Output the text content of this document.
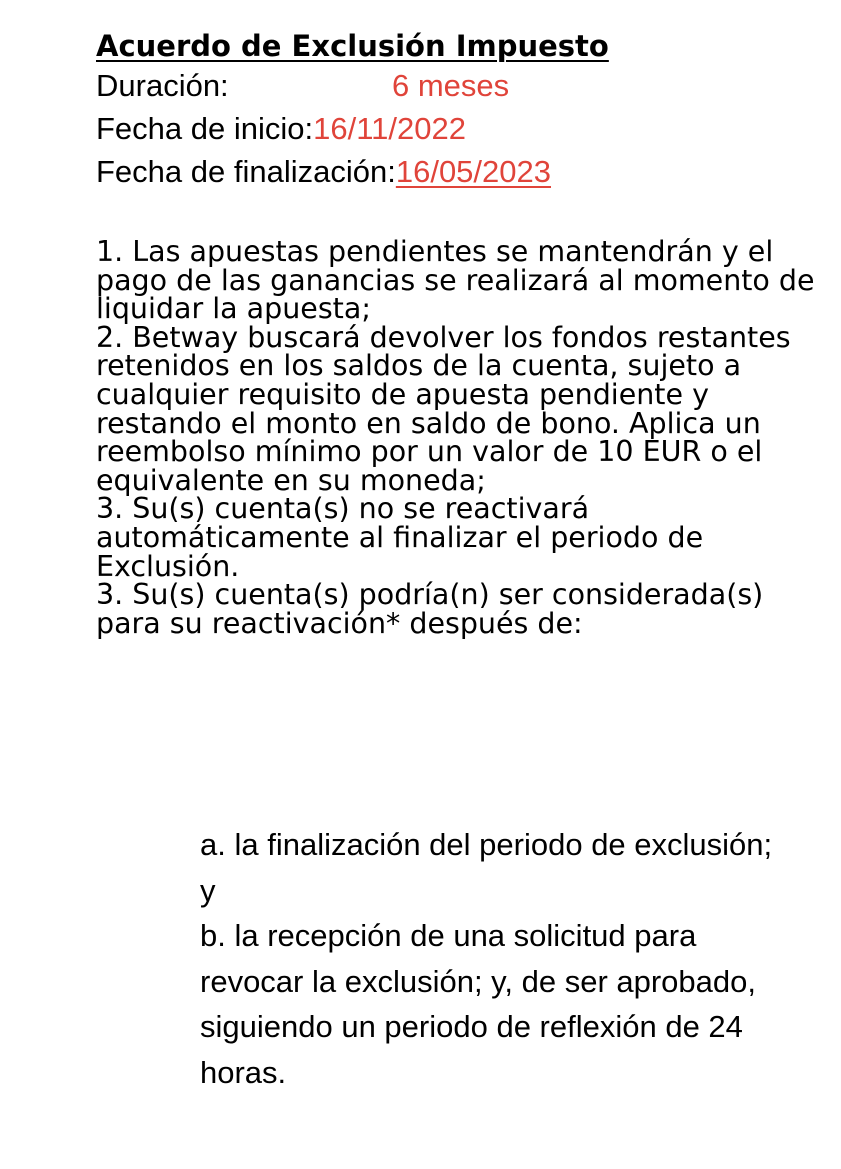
Acuerdo de Exclusión Impuesto
Duración:	6 meses
Fecha de inicio:16/11/2022
Fecha de finalización:16/05/2023

1. Las apuestas pendientes se mantendrán y el pago de las ganancias se realizará al momento de liquidar la apuesta;

2. Betway buscará devolver los fondos restantes retenidos en los saldos de la cuenta, sujeto a cualquier requisito de apuesta pendiente y restando el monto en saldo de bono. Aplica un reembolso mínimo por un valor de 10 EUR o el equivalente en su moneda;

3. Su(s) cuenta(s) no se reactivará automáticamente al finalizar el periodo de Exclusión.

3. Su(s) cuenta(s) podría(n) ser considerada(s) para su reactivación* después de:

a. la finalización del periodo de exclusión; y

b. la recepción de una solicitud para revocar la exclusión; y, de ser aprobado, siguiendo un periodo de reflexión de 24 horas.
